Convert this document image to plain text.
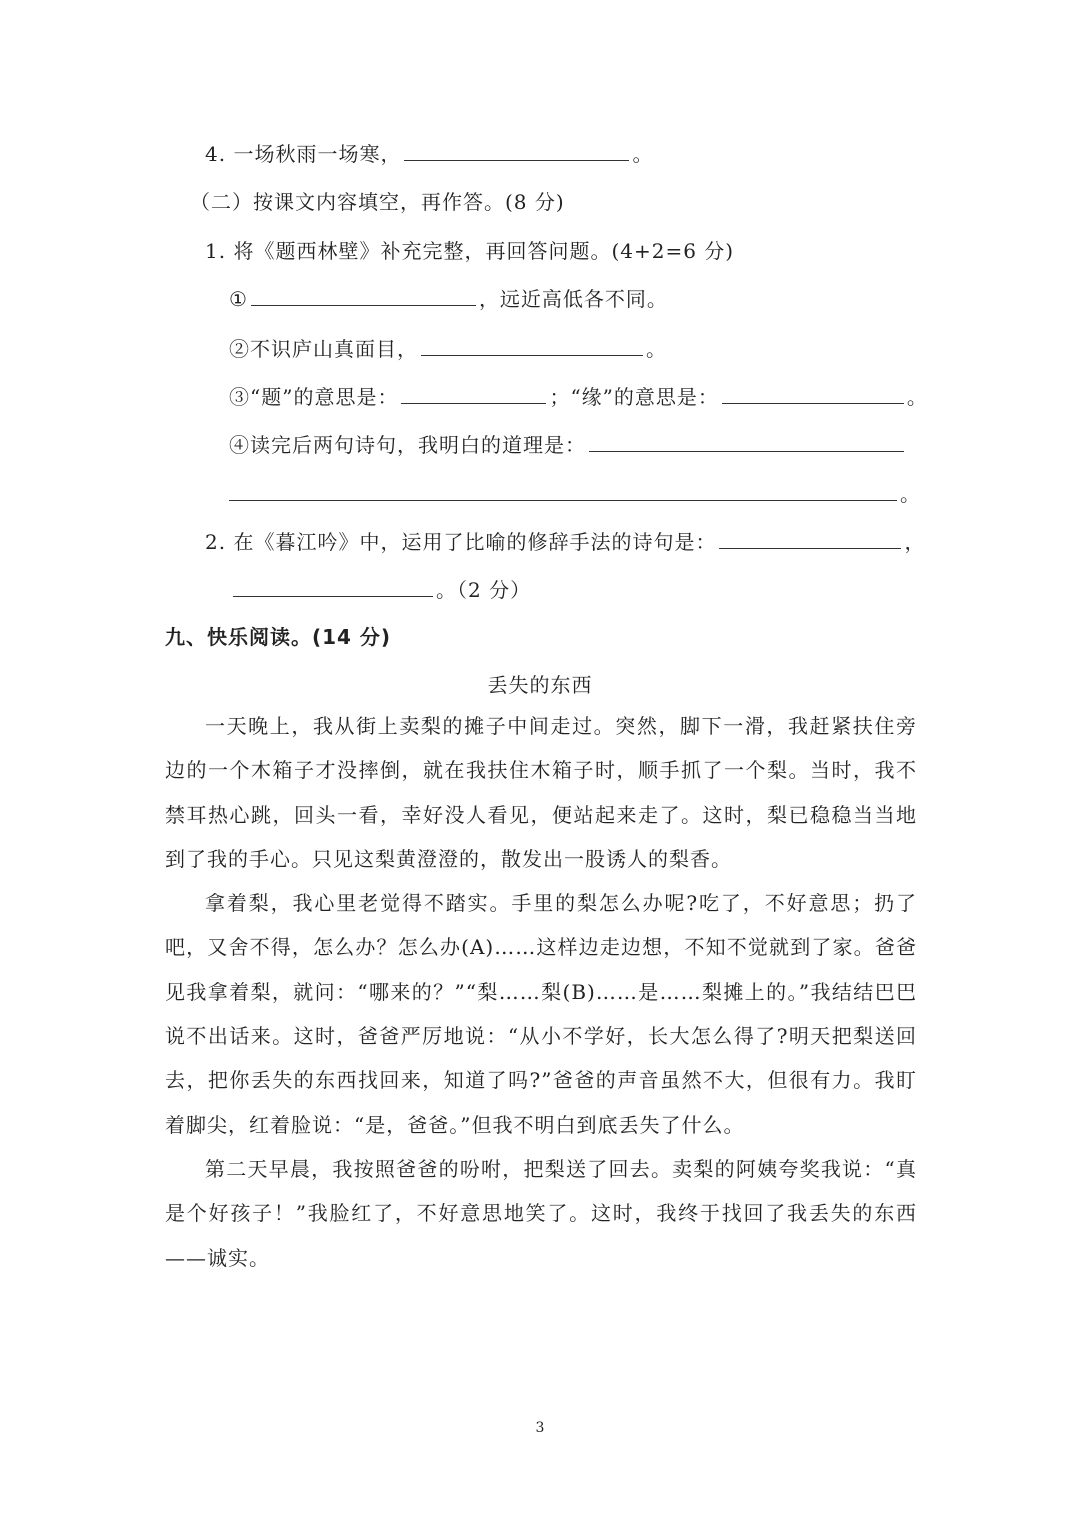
4. 一场秋雨一场寒，	。
（二）按课文内容填空，再作答。(8 分)
1. 将《题西林壁》补充完整，再回答问题。(4+2=6 分)
①	，远近高低各不同。
②不识庐山真面目，	。
③“题”的意思是：	；“缘”的意思是：	。
④读完后两句诗句，我明白的道理是：
。
2. 在《暮江吟》中，运用了比喻的修辞手法的诗句是：	，
。（2 分）
九、快乐阅读。(14 分)
丢失的东西

一天晚上，我从街上卖梨的摊子中间走过。突然，脚下一滑，我赶紧扶住旁边的一个木箱子才没摔倒，就在我扶住木箱子时，顺手抓了一个梨。当时，我不禁耳热心跳，回头一看，幸好没人看见，便站起来走了。这时，梨已稳稳当当地到了我的手心。只见这梨黄澄澄的，散发出一股诱人的梨香。

拿着梨，我心里老觉得不踏实。手里的梨怎么办呢?吃了，不好意思；扔了吧，又舍不得，怎么办？怎么办(A)……这样边走边想，不知不觉就到了家。爸爸见我拿着梨，就问：“哪来的？”“梨……梨(B)……是……梨摊上的。”我结结巴巴说不出话来。这时，爸爸严厉地说：“从小不学好，长大怎么得了?明天把梨送回去，把你丢失的东西找回来，知道了吗?”爸爸的声音虽然不大，但很有力。我盯着脚尖，红着脸说：“是，爸爸。”但我不明白到底丢失了什么。

第二天早晨，我按照爸爸的吩咐，把梨送了回去。卖梨的阿姨夸奖我说：“真是个好孩子！”我脸红了，不好意思地笑了。这时，我终于找回了我丢失的东西——诚实。

3
